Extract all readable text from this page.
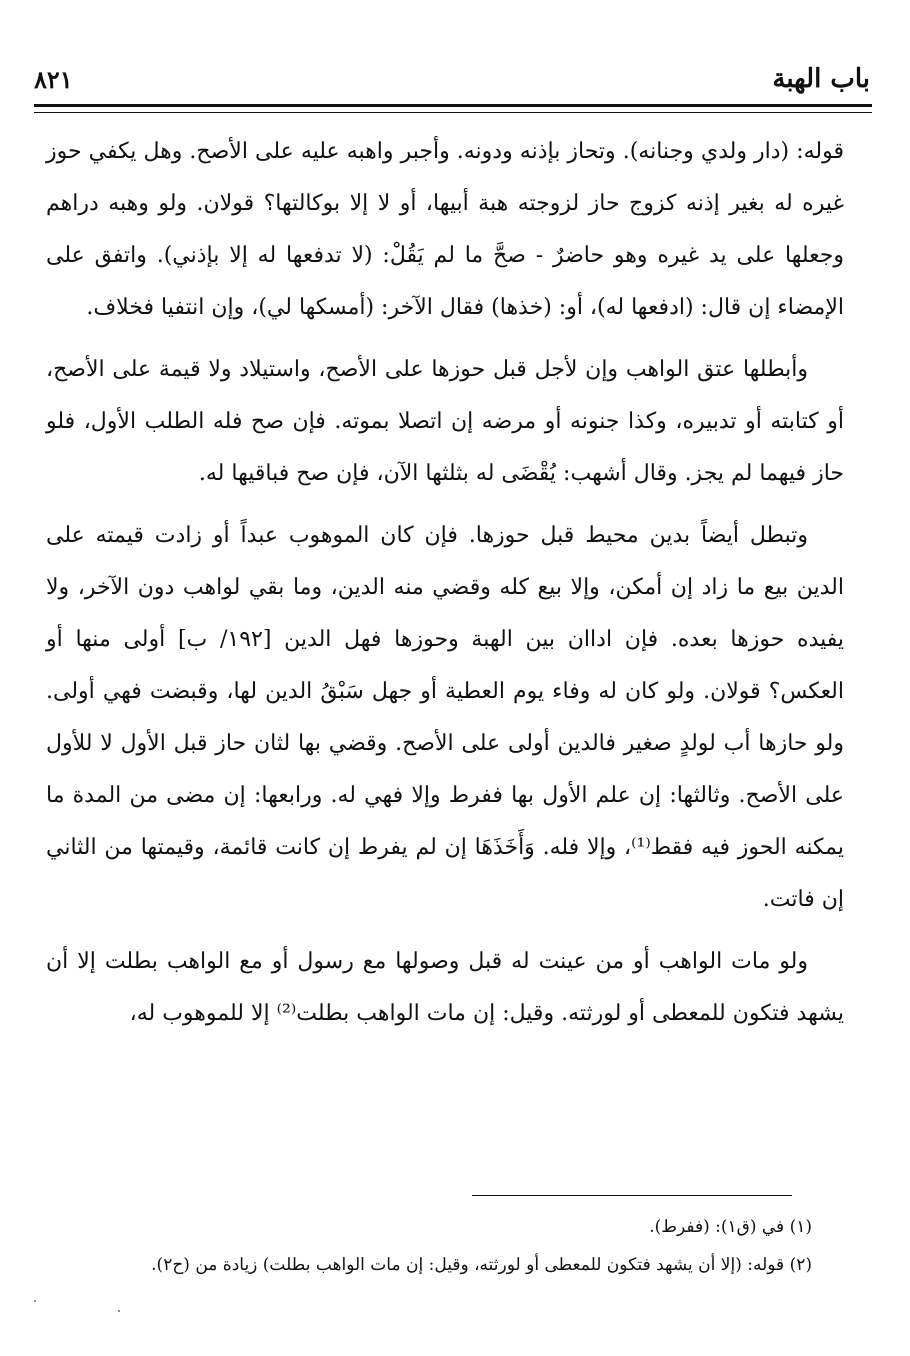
باب الهبة
٨٢١

قوله: (دار ولدي وجنانه). وتحاز بإذنه ودونه. وأجبر واهبه عليه على الأصح. وهل يكفي حوز غيره له بغير إذنه كزوج حاز لزوجته هبة أبيها، أو لا إلا بوكالتها؟ قولان. ولو وهبه دراهم وجعلها على يد غيره وهو حاضرٌ - صحَّ ما لم يَقُلْ: (لا تدفعها له إلا بإذني). واتفق على الإمضاء إن قال: (ادفعها له)، أو: (خذها) فقال الآخر: (أمسكها لي)، وإن انتفيا فخلاف.

وأبطلها عتق الواهب وإن لأجل قبل حوزها على الأصح، واستيلاد ولا قيمة على الأصح، أو كتابته أو تدبيره، وكذا جنونه أو مرضه إن اتصلا بموته. فإن صح فله الطلب الأول، فلو حاز فيهما لم يجز. وقال أشهب: يُقْضَى له بثلثها الآن، فإن صح فباقيها له.

وتبطل أيضاً بدين محيط قبل حوزها. فإن كان الموهوب عبداً أو زادت قيمته على الدين بيع ما زاد إن أمكن، وإلا بيع كله وقضي منه الدين، وما بقي لواهب دون الآخر، ولا يفيده حوزها بعده. فإن اداان بين الهبة وحوزها فهل الدين [١٩٢/ ب] أولى منها أو العكس؟ قولان. ولو كان له وفاء يوم العطية أو جهل سَبْقُ الدين لها، وقبضت فهي أولى. ولو حازها أب لولدٍ صغير فالدين أولى على الأصح. وقضي بها لثان حاز قبل الأول لا للأول على الأصح. وثالثها: إن علم الأول بها ففرط وإلا فهي له. ورابعها: إن مضى من المدة ما يمكنه الحوز فيه فقط⁽¹⁾، وإلا فله. وَأَخَذَهَا إن لم يفرط إن كانت قائمة، وقيمتها من الثاني إن فاتت.

ولو مات الواهب أو من عينت له قبل وصولها مع رسول أو مع الواهب بطلت إلا أن يشهد فتكون للمعطى أو لورثته. وقيل: إن مات الواهب بطلت⁽²⁾ إلا للموهوب له،

(١) في (ق١): (ففرط).

(٢) قوله: (إلا أن يشهد فتكون للمعطى أو لورثته، وقيل: إن مات الواهب بطلت) زيادة من (ح٢).
